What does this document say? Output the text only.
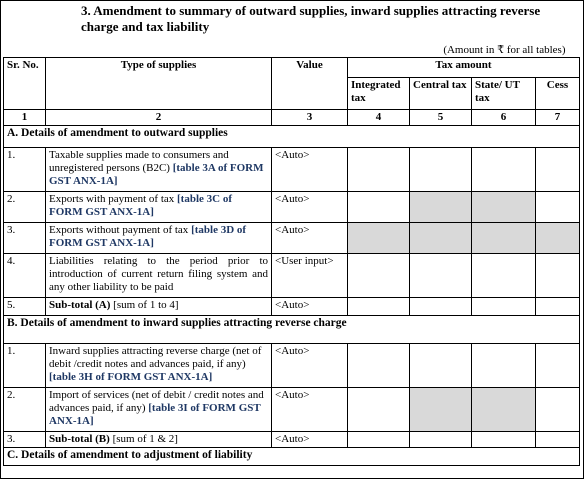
3. Amendment to summary of outward supplies, inward supplies attracting reverse charge and tax liability
(Amount in ₹ for all tables)						
Sr. No.	Type of supplies	Value	Tax amount			
			Integrated tax	Central tax	State/ UT tax	Cess
1	2	3	4	5	6	7
A. Details of amendment to outward supplies						
1.	Taxable supplies made to consumers and unregistered persons (B2C) [table 3A of FORM GST ANX-1A]	<Auto>				
2.	Exports with payment of tax [table 3C of FORM GST ANX-1A]	<Auto>				
3.	Exports without payment of tax [table 3D of FORM GST ANX-1A]	<Auto>				
4.	Liabilities relating to the period prior to introduction of current return filing system and any other liability to be paid	<User input>				
5.	Sub-total (A) [sum of 1 to 4]	<Auto>				
B. Details of amendment to inward supplies attracting reverse charge						
1.	Inward supplies attracting reverse charge (net of debit /credit notes and advances paid, if any) [table 3H of FORM GST ANX-1A]	<Auto>				
2.	Import of services (net of debit / credit notes and advances paid, if any) [table 3I of FORM GST ANX-1A]	<Auto>				
3.	Sub-total (B) [sum of 1 & 2]	<Auto>				
C. Details of amendment to adjustment of liability						
